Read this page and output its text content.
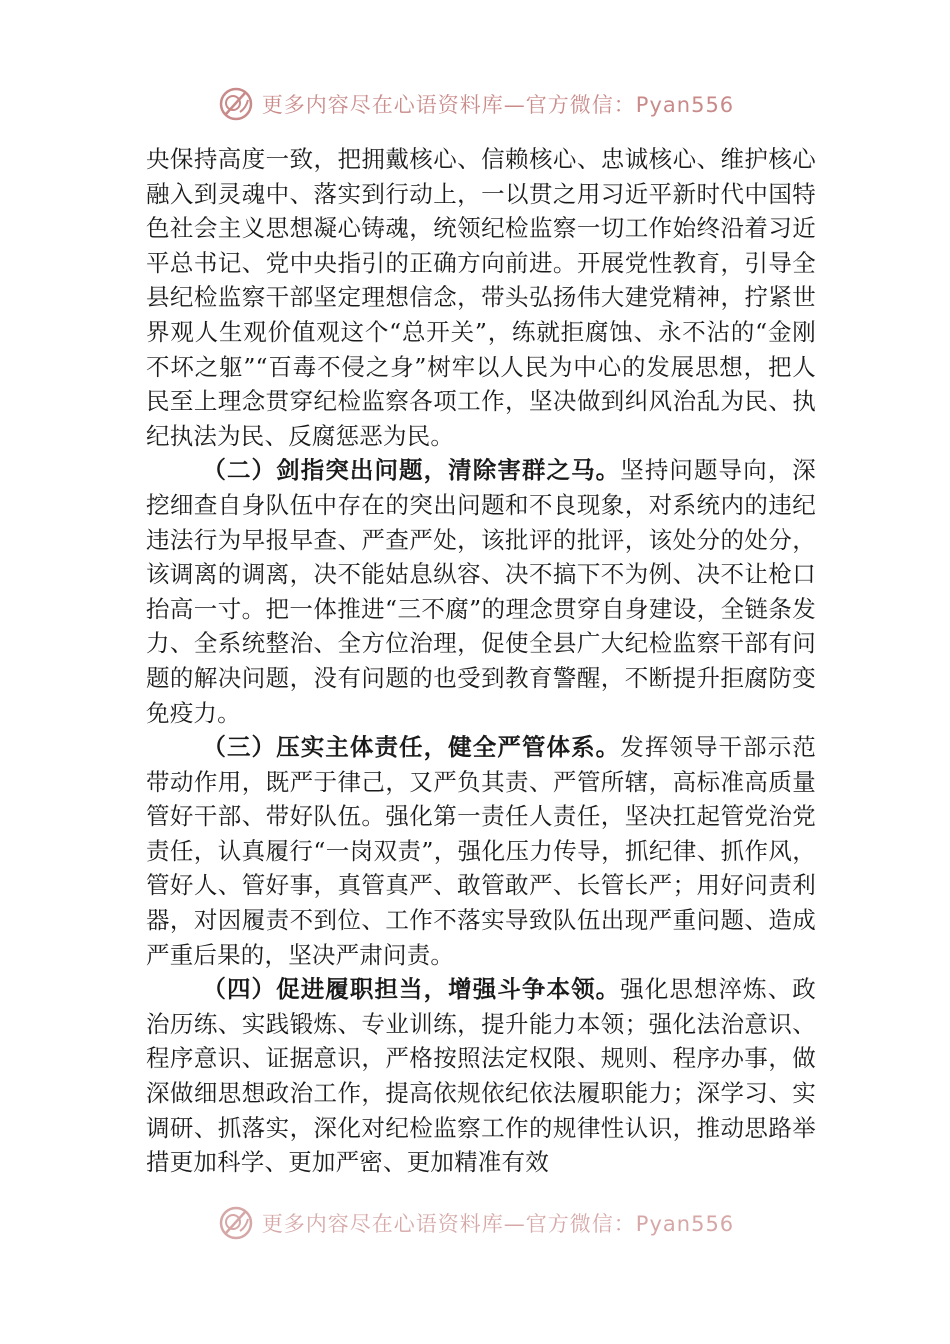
更多内容尽在心语资料库—官方微信：Pyan556

央保持高度一致，把拥戴核心、信赖核心、忠诚核心、维护核心融入到灵魂中、落实到行动上，一以贯之用习近平新时代中国特色社会主义思想凝心铸魂，统领纪检监察一切工作始终沿着习近平总书记、党中央指引的正确方向前进。开展党性教育，引导全县纪检监察干部坚定理想信念，带头弘扬伟大建党精神，拧紧世界观人生观价值观这个“总开关”，练就拒腐蚀、永不沾的“金刚不坏之躯”“百毒不侵之身”树牢以人民为中心的发展思想，把人民至上理念贯穿纪检监察各项工作，坚决做到纠风治乱为民、执纪执法为民、反腐惩恶为民。

（二）剑指突出问题，清除害群之马。坚持问题导向，深挖细查自身队伍中存在的突出问题和不良现象，对系统内的违纪违法行为早报早查、严查严处，该批评的批评，该处分的处分，该调离的调离，决不能姑息纵容、决不搞下不为例、决不让枪口抬高一寸。把一体推进“三不腐”的理念贯穿自身建设，全链条发力、全系统整治、全方位治理，促使全县广大纪检监察干部有问题的解决问题，没有问题的也受到教育警醒，不断提升拒腐防变免疫力。

（三）压实主体责任，健全严管体系。发挥领导干部示范带动作用，既严于律己，又严负其责、严管所辖，高标准高质量管好干部、带好队伍。强化第一责任人责任，坚决扛起管党治党责任，认真履行“一岗双责”，强化压力传导，抓纪律、抓作风，管好人、管好事，真管真严、敢管敢严、长管长严；用好问责利器，对因履责不到位、工作不落实导致队伍出现严重问题、造成严重后果的，坚决严肃问责。

（四）促进履职担当，增强斗争本领。强化思想淬炼、政治历练、实践锻炼、专业训练，提升能力本领；强化法治意识、程序意识、证据意识，严格按照法定权限、规则、程序办事，做深做细思想政治工作，提高依规依纪依法履职能力；深学习、实调研、抓落实，深化对纪检监察工作的规律性认识，推动思路举措更加科学、更加严密、更加精准有效

更多内容尽在心语资料库—官方微信：Pyan556
